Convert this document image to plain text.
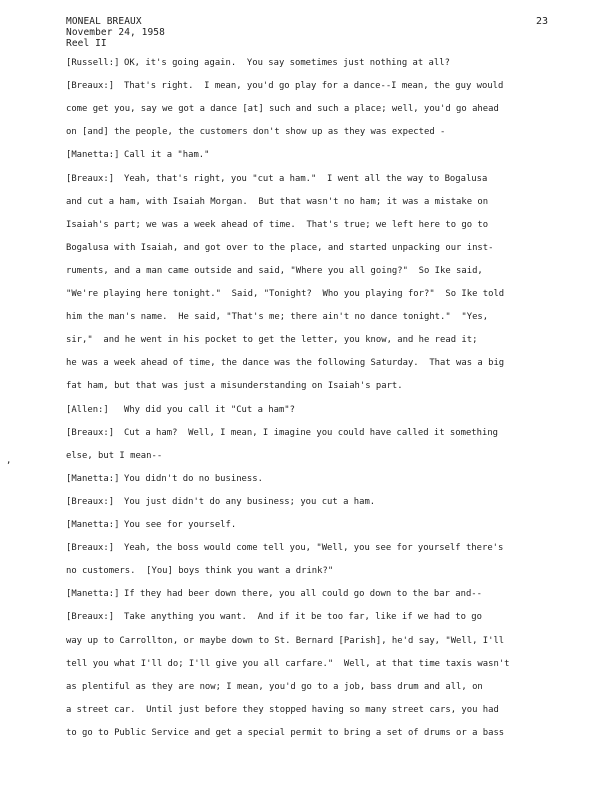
MONEAL BREAUX
November 24, 1958
Reel II
23
,
[Russell:] OK, it's going again.  You say sometimes just nothing at all?
[Breaux:] That's right.  I mean, you'd go play for a dance--I mean, the guy would
come get you, say we got a dance [at] such and such a place; well, you'd go ahead
on [and] the people, the customers don't show up as they was expected -
[Manetta:] Call it a "ham."
[Breaux:] Yeah, that's right, you "cut a ham."  I went all the way to Bogalusa
and cut a ham, with Isaiah Morgan.  But that wasn't no ham; it was a mistake on
Isaiah's part; we was a week ahead of time.  That's true; we left here to go to
Bogalusa with Isaiah, and got over to the place, and started unpacking our inst-
ruments, and a man came outside and said, "Where you all going?"  So Ike said,
"We're playing here tonight."  Said, "Tonight?  Who you playing for?"  So Ike told
him the man's name.  He said, "That's me; there ain't no dance tonight."  "Yes,
sir,"  and he went in his pocket to get the letter, you know, and he read it;
he was a week ahead of time, the dance was the following Saturday.  That was a big
fat ham, but that was just a misunderstanding on Isaiah's part.
[Allen:] Why did you call it "Cut a ham"?
[Breaux:] Cut a ham?  Well, I mean, I imagine you could have called it something
else, but I mean--
[Manetta:] You didn't do no business.
[Breaux:] You just didn't do any business; you cut a ham.
[Manetta:] You see for yourself.
[Breaux:] Yeah, the boss would come tell you, "Well, you see for yourself there's
no customers.  [You] boys think you want a drink?"
[Manetta:] If they had beer down there, you all could go down to the bar and--
[Breaux:] Take anything you want.  And if it be too far, like if we had to go
way up to Carrollton, or maybe down to St. Bernard [Parish], he'd say, "Well, I'll
tell you what I'll do; I'll give you all carfare."  Well, at that time taxis wasn't
as plentiful as they are now; I mean, you'd go to a job, bass drum and all, on
a street car.  Until just before they stopped having so many street cars, you had
to go to Public Service and get a special permit to bring a set of drums or a bass
